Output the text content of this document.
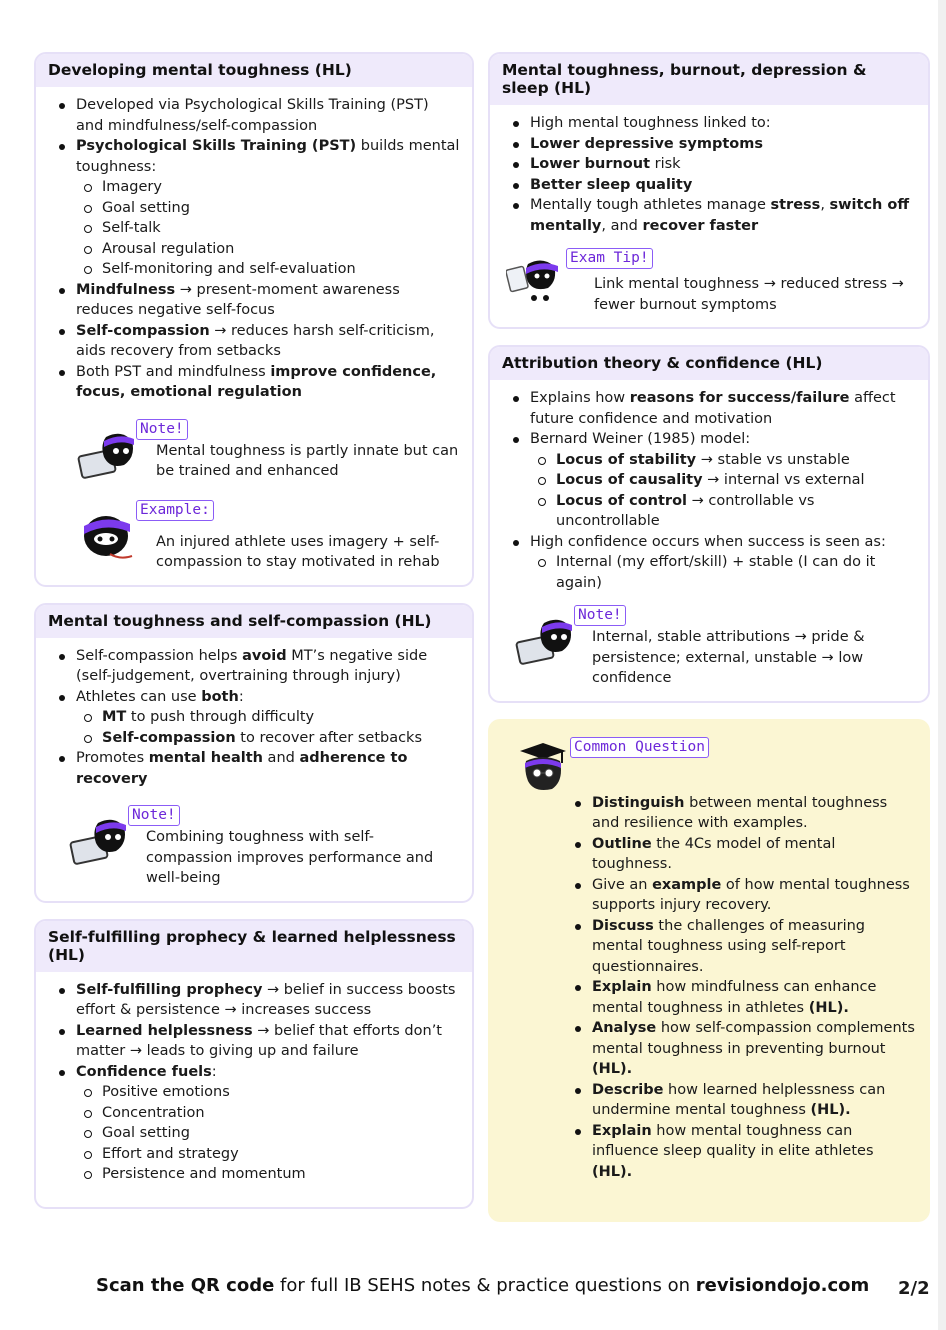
Developing mental toughness (HL)
Developed via Psychological Skills Training (PST) and mindfulness/self-compassion
Psychological Skills Training (PST) builds mental toughness:
Imagery
Goal setting
Self-talk
Arousal regulation
Self-monitoring and self-evaluation
Mindfulness → present-moment awareness reduces negative self-focus
Self-compassion → reduces harsh self-criticism, aids recovery from setbacks
Both PST and mindfulness improve confidence, focus, emotional regulation
Note!
Mental toughness is partly innate but can be trained and enhanced
Example:
An injured athlete uses imagery + self-compassion to stay motivated in rehab
Mental toughness and self-compassion (HL)
Self-compassion helps avoid MT’s negative side (self-judgement, overtraining through injury)
Athletes can use both:
MT to push through difficulty
Self-compassion to recover after setbacks
Promotes mental health and adherence to recovery
Note!
Combining toughness with self-compassion improves performance and well-being
Self-fulfilling prophecy & learned helplessness (HL)
Self-fulfilling prophecy → belief in success boosts effort & persistence → increases success
Learned helplessness → belief that efforts don’t matter → leads to giving up and failure
Confidence fuels:
Positive emotions
Concentration
Goal setting
Effort and strategy
Persistence and momentum
Mental toughness, burnout, depression & sleep (HL)
High mental toughness linked to:
Lower depressive symptoms
Lower burnout risk
Better sleep quality
Mentally tough athletes manage stress, switch off mentally, and recover faster
Exam Tip!
Link mental toughness → reduced stress → fewer burnout symptoms
Attribution theory & confidence (HL)
Explains how reasons for success/failure affect future confidence and motivation
Bernard Weiner (1985) model:
Locus of stability → stable vs unstable
Locus of causality → internal vs external
Locus of control → controllable vs uncontrollable
High confidence occurs when success is seen as:
Internal (my effort/skill) + stable (I can do it again)
Note!
Internal, stable attributions → pride & persistence; external, unstable → low confidence
Common Question
Distinguish between mental toughness and resilience with examples.
Outline the 4Cs model of mental toughness.
Give an example of how mental toughness supports injury recovery.
Discuss the challenges of measuring mental toughness using self-report questionnaires.
Explain how mindfulness can enhance mental toughness in athletes (HL).
Analyse how self-compassion complements mental toughness in preventing burnout (HL).
Describe how learned helplessness can undermine mental toughness (HL).
Explain how mental toughness can influence sleep quality in elite athletes (HL).
Scan the QR code for full IB SEHS notes & practice questions on revisiondojo.com 2/2
